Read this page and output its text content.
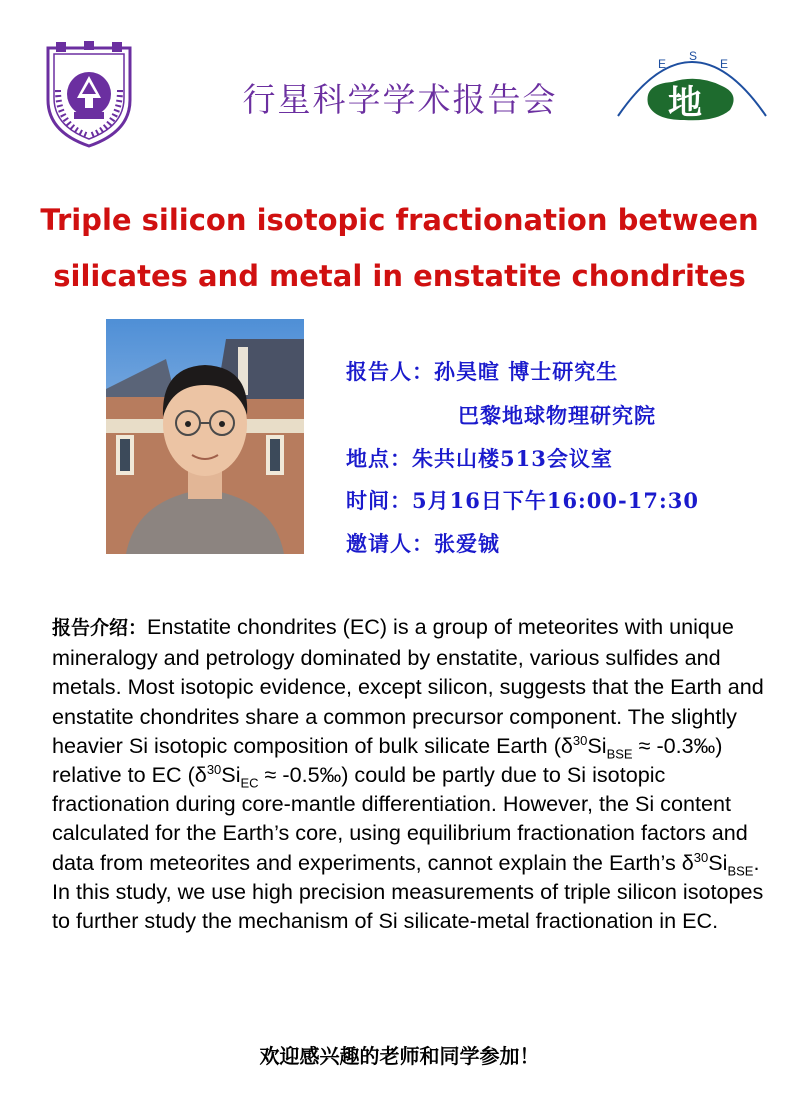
行星科学学术报告会
E
S
E
地
Triple silicon isotopic fractionation between
silicates and metal in enstatite chondrites
报告人：孙昊暄 博士研究生
巴黎地球物理研究院
地点：朱共山楼513会议室
时间：5月16日下午16:00-17:30
邀请人：张爱铖
报告介绍：Enstatite chondrites (EC) is a group of meteorites with unique mineralogy and petrology dominated by enstatite, various sulfides and metals. Most isotopic evidence, except silicon, suggests that the Earth and enstatite chondrites share a common precursor component. The slightly heavier Si isotopic composition of bulk silicate Earth ($\delta^{30}Si_{BSE}$ ≈ -0.3‰) relative to EC ($\delta^{30}Si_{EC}$ ≈ -0.5‰) could be partly due to Si isotopic fractionation during core-mantle differentiation. However, the Si content calculated for the Earth’s core, using equilibrium fractionation factors and data from meteorites and experiments, cannot explain the Earth’s $\delta^{30}Si_{BSE}$. In this study, we use high precision measurements of triple silicon isotopes to further study the mechanism of Si silicate-metal fractionation in EC.
欢迎感兴趣的老师和同学参加！
